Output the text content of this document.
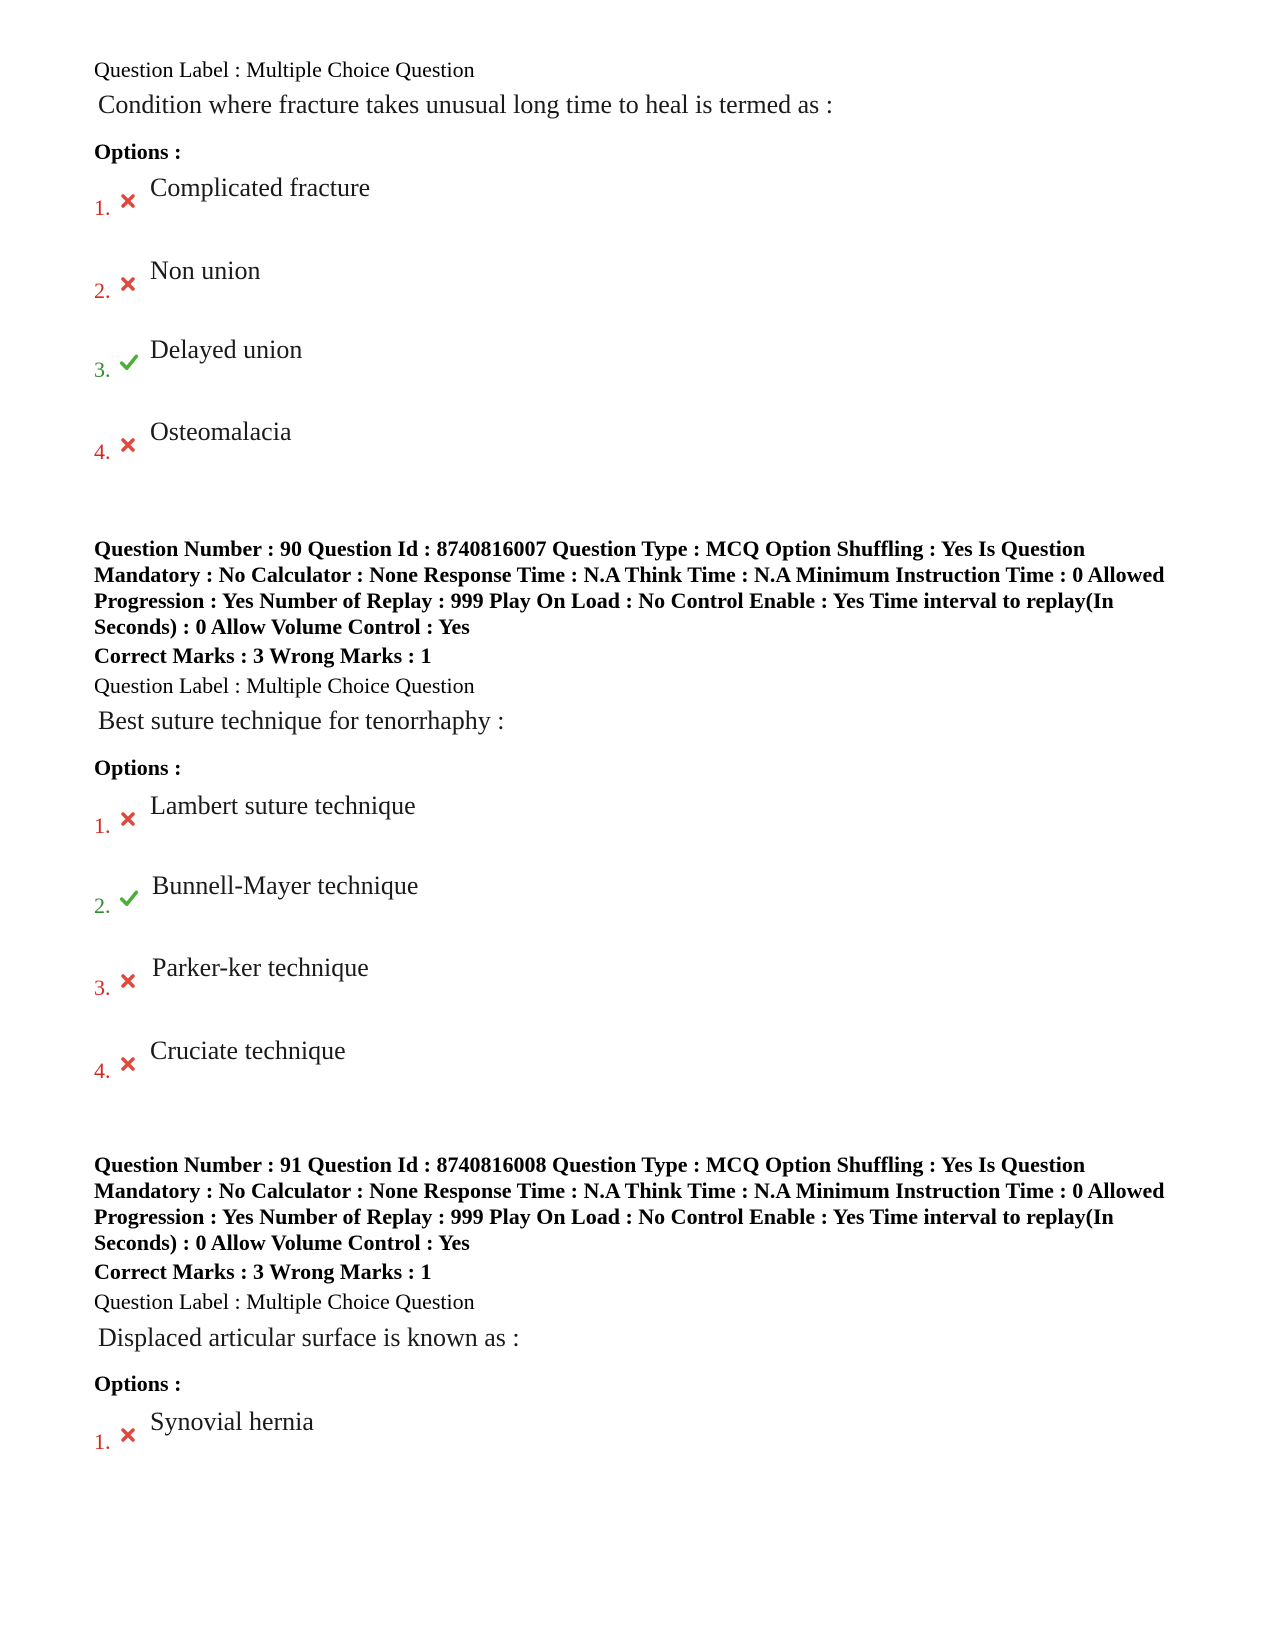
Question Label : Multiple Choice Question
Condition where fracture takes unusual long time to heal is termed as :
Options :
1.
Complicated fracture
2.
Non union
3.
Delayed union
4.
Osteomalacia
Question Number : 90 Question Id : 8740816007 Question Type : MCQ Option Shuffling : Yes Is Question Mandatory : No Calculator : None Response Time : N.A Think Time : N.A Minimum Instruction Time : 0 Allowed Progression : Yes Number of Replay : 999 Play On Load : No Control Enable : Yes Time interval to replay(In Seconds) : 0 Allow Volume Control : Yes
Correct Marks : 3 Wrong Marks : 1
Question Label : Multiple Choice Question
Best suture technique for tenorrhaphy :
Options :
1.
Lambert suture technique
2.
Bunnell-Mayer technique
3.
Parker-ker technique
4.
Cruciate technique
Question Number : 91 Question Id : 8740816008 Question Type : MCQ Option Shuffling : Yes Is Question Mandatory : No Calculator : None Response Time : N.A Think Time : N.A Minimum Instruction Time : 0 Allowed Progression : Yes Number of Replay : 999 Play On Load : No Control Enable : Yes Time interval to replay(In Seconds) : 0 Allow Volume Control : Yes
Correct Marks : 3 Wrong Marks : 1
Question Label : Multiple Choice Question
Displaced articular surface is known as :
Options :
1.
Synovial hernia
